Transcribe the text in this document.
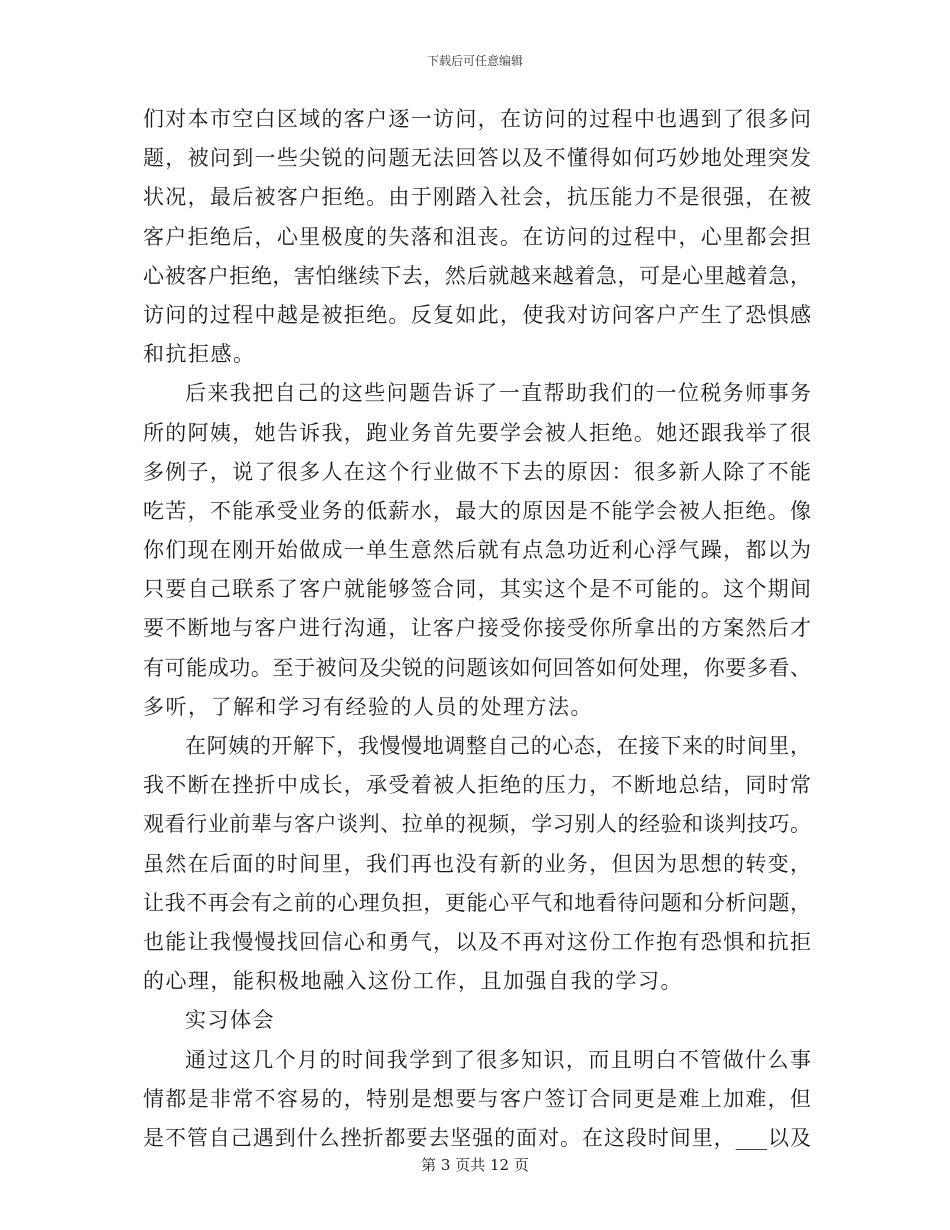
下载后可任意编辑
们对本市空白区域的客户逐一访问，在访问的过程中也遇到了很多问
题，被问到一些尖锐的问题无法回答以及不懂得如何巧妙地处理突发
状况，最后被客户拒绝。由于刚踏入社会，抗压能力不是很强，在被
客户拒绝后，心里极度的失落和沮丧。在访问的过程中，心里都会担
心被客户拒绝，害怕继续下去，然后就越来越着急，可是心里越着急，
访问的过程中越是被拒绝。反复如此，使我对访问客户产生了恐惧感
和抗拒感。
后来我把自己的这些问题告诉了一直帮助我们的一位税务师事务
所的阿姨，她告诉我，跑业务首先要学会被人拒绝。她还跟我举了很
多例子，说了很多人在这个行业做不下去的原因：很多新人除了不能
吃苦，不能承受业务的低薪水，最大的原因是不能学会被人拒绝。像
你们现在刚开始做成一单生意然后就有点急功近利心浮气躁，都以为
只要自己联系了客户就能够签合同，其实这个是不可能的。这个期间
要不断地与客户进行沟通，让客户接受你接受你所拿出的方案然后才
有可能成功。至于被问及尖锐的问题该如何回答如何处理，你要多看、
多听，了解和学习有经验的人员的处理方法。
在阿姨的开解下，我慢慢地调整自己的心态，在接下来的时间里，
我不断在挫折中成长，承受着被人拒绝的压力，不断地总结，同时常
观看行业前辈与客户谈判、拉单的视频，学习别人的经验和谈判技巧。
虽然在后面的时间里，我们再也没有新的业务，但因为思想的转变，
让我不再会有之前的心理负担，更能心平气和地看待问题和分析问题，
也能让我慢慢找回信心和勇气，以及不再对这份工作抱有恐惧和抗拒
的心理，能积极地融入这份工作，且加强自我的学习。
实习体会
通过这几个月的时间我学到了很多知识，而且明白不管做什么事
情都是非常不容易的，特别是想要与客户签订合同更是难上加难，但
是不管自己遇到什么挫折都要去坚强的面对。在这段时间里，___以及
第 3 页共 12 页
